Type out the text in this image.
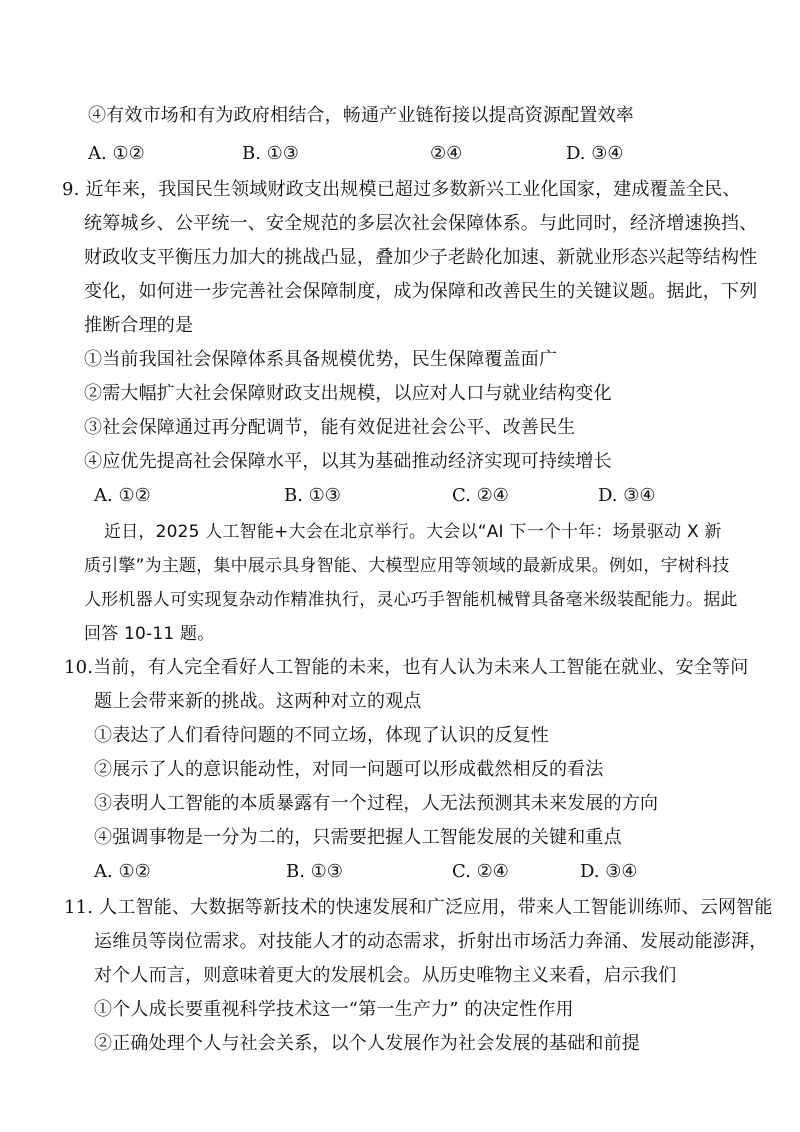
④有效市场和有为政府相结合，畅通产业链衔接以提高资源配置效率
A. ①②	B. ①③	②④	D. ③④
9. 近年来，我国民生领域财政支出规模已超过多数新兴工业化国家，建成覆盖全民、
统筹城乡、公平统一、安全规范的多层次社会保障体系。与此同时，经济增速换挡、
财政收支平衡压力加大的挑战凸显，叠加少子老龄化加速、新就业形态兴起等结构性
变化，如何进一步完善社会保障制度，成为保障和改善民生的关键议题。据此，下列
推断合理的是
①当前我国社会保障体系具备规模优势，民生保障覆盖面广
②需大幅扩大社会保障财政支出规模，以应对人口与就业结构变化
③社会保障通过再分配调节，能有效促进社会公平、改善民生
④应优先提高社会保障水平，以其为基础推动经济实现可持续增长
A. ①②	B. ①③	C. ②④	D. ③④
近日，2025 人工智能+大会在北京举行。大会以“AI 下一个十年：场景驱动 X 新
质引擎”为主题，集中展示具身智能、大模型应用等领域的最新成果。例如，宇树科技
人形机器人可实现复杂动作精准执行，灵心巧手智能机械臂具备毫米级装配能力。据此
回答 10-11 题。
10.当前，有人完全看好人工智能的未来，也有人认为未来人工智能在就业、安全等问
题上会带来新的挑战。这两种对立的观点
①表达了人们看待问题的不同立场，体现了认识的反复性
②展示了人的意识能动性，对同一问题可以形成截然相反的看法
③表明人工智能的本质暴露有一个过程，人无法预测其未来发展的方向
④强调事物是一分为二的，只需要把握人工智能发展的关键和重点
A. ①②	B. ①③	C. ②④	D. ③④
11. 人工智能、大数据等新技术的快速发展和广泛应用，带来人工智能训练师、云网智能
运维员等岗位需求。对技能人才的动态需求，折射出市场活力奔涌、发展动能澎湃，
对个人而言，则意味着更大的发展机会。从历史唯物主义来看，启示我们
①个人成长要重视科学技术这一“第一生产力” 的决定性作用
②正确处理个人与社会关系，以个人发展作为社会发展的基础和前提
